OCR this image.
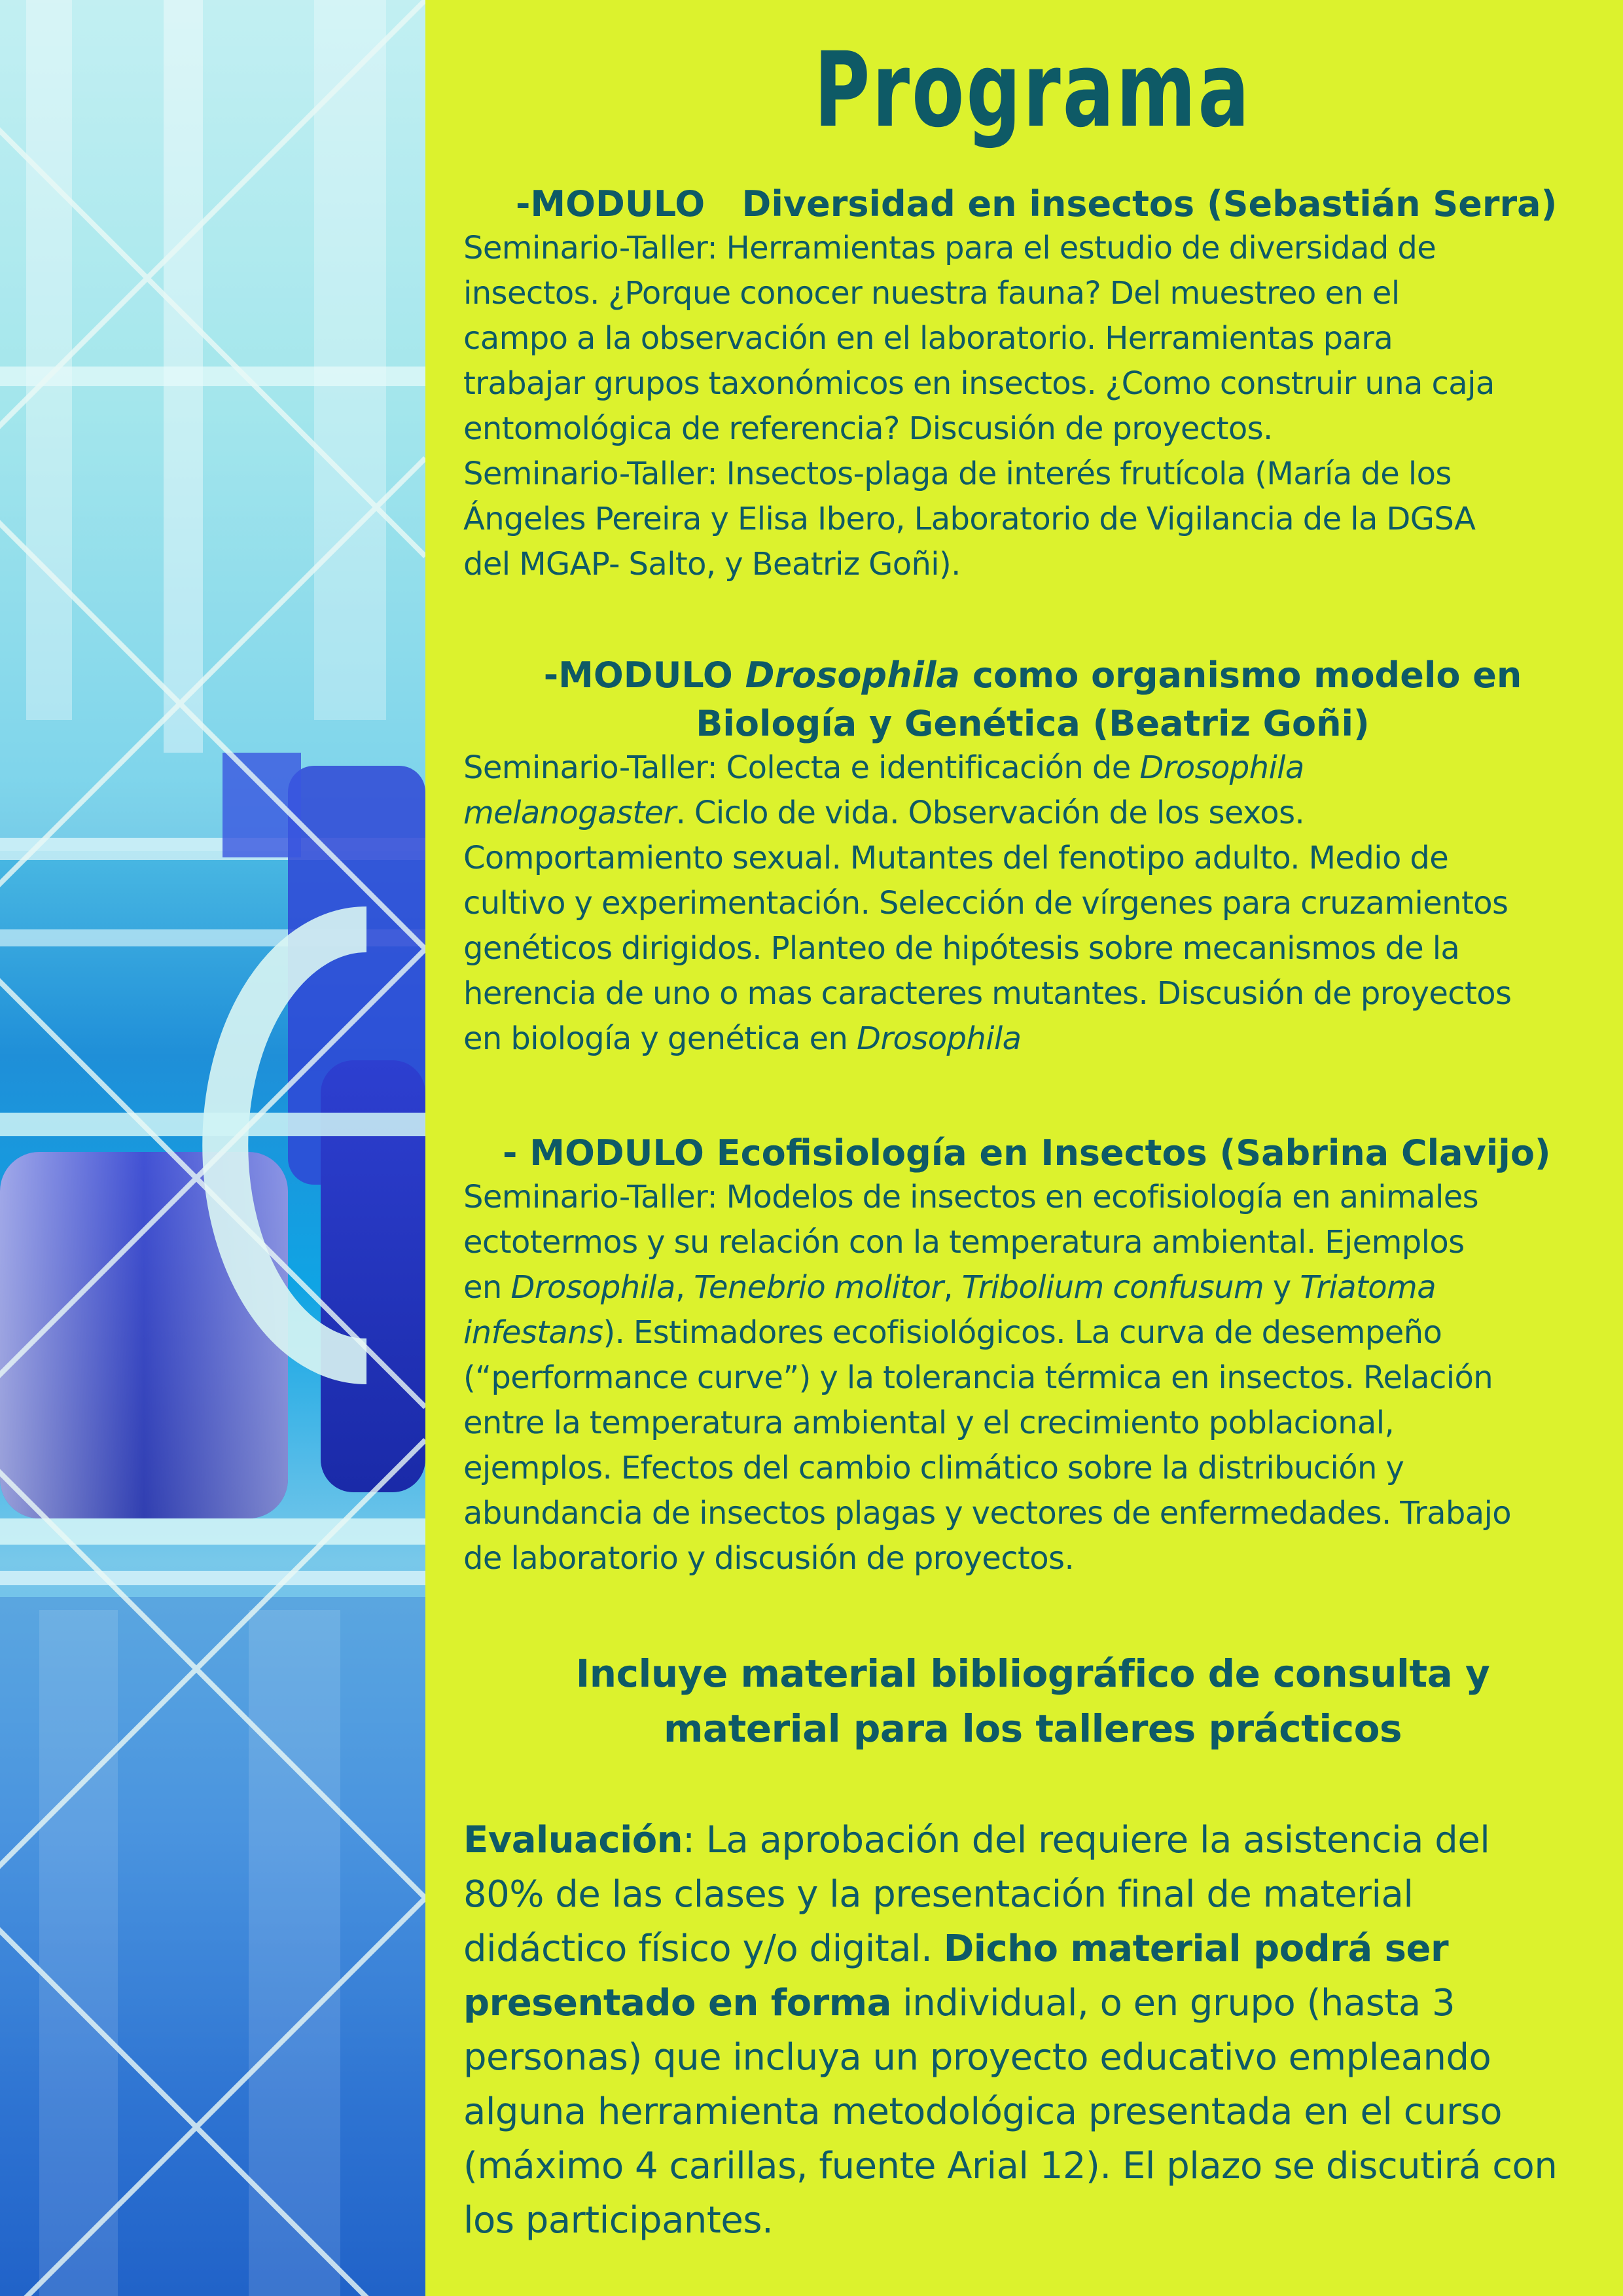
Programa

-MODULO Diversidad en insectos (Sebastián Serra)

Seminario-Taller: Herramientas para el estudio de diversidad de
insectos. ¿Porque conocer nuestra fauna? Del muestreo en el
campo a la observación en el laboratorio. Herramientas para
trabajar grupos taxonómicos en insectos. ¿Como construir una caja
entomológica de referencia? Discusión de proyectos.
Seminario-Taller: Insectos-plaga de interés frutícola (María de los
Ángeles Pereira y Elisa Ibero, Laboratorio de Vigilancia de la DGSA
del MGAP- Salto, y Beatriz Goñi).

-MODULO Drosophila como organismo modelo en
Biología y Genética (Beatriz Goñi)

Seminario-Taller: Colecta e identificación de Drosophila
melanogaster. Ciclo de vida. Observación de los sexos.
Comportamiento sexual. Mutantes del fenotipo adulto. Medio de
cultivo y experimentación. Selección de vírgenes para cruzamientos
genéticos dirigidos. Planteo de hipótesis sobre mecanismos de la
herencia de uno o mas caracteres mutantes. Discusión de proyectos
en biología y genética en Drosophila

- MODULO Ecofisiología en Insectos (Sabrina Clavijo)

Seminario-Taller: Modelos de insectos en ecofisiología en animales
ectotermos y su relación con la temperatura ambiental. Ejemplos
en Drosophila, Tenebrio molitor, Tribolium confusum y Triatoma
infestans). Estimadores ecofisiológicos. La curva de desempeño
(“performance curve”) y la tolerancia térmica en insectos. Relación
entre la temperatura ambiental y el crecimiento poblacional,
ejemplos. Efectos del cambio climático sobre la distribución y
abundancia de insectos plagas y vectores de enfermedades. Trabajo
de laboratorio y discusión de proyectos.

Incluye material bibliográfico de consulta y
material para los talleres prácticos

Evaluación: La aprobación del requiere la asistencia del
80% de las clases y la presentación final de material
didáctico físico y/o digital. Dicho material podrá ser
presentado en forma individual, o en grupo (hasta 3
personas) que incluya un proyecto educativo empleando
alguna herramienta metodológica presentada en el curso
(máximo 4 carillas, fuente Arial 12). El plazo se discutirá con
los participantes.
